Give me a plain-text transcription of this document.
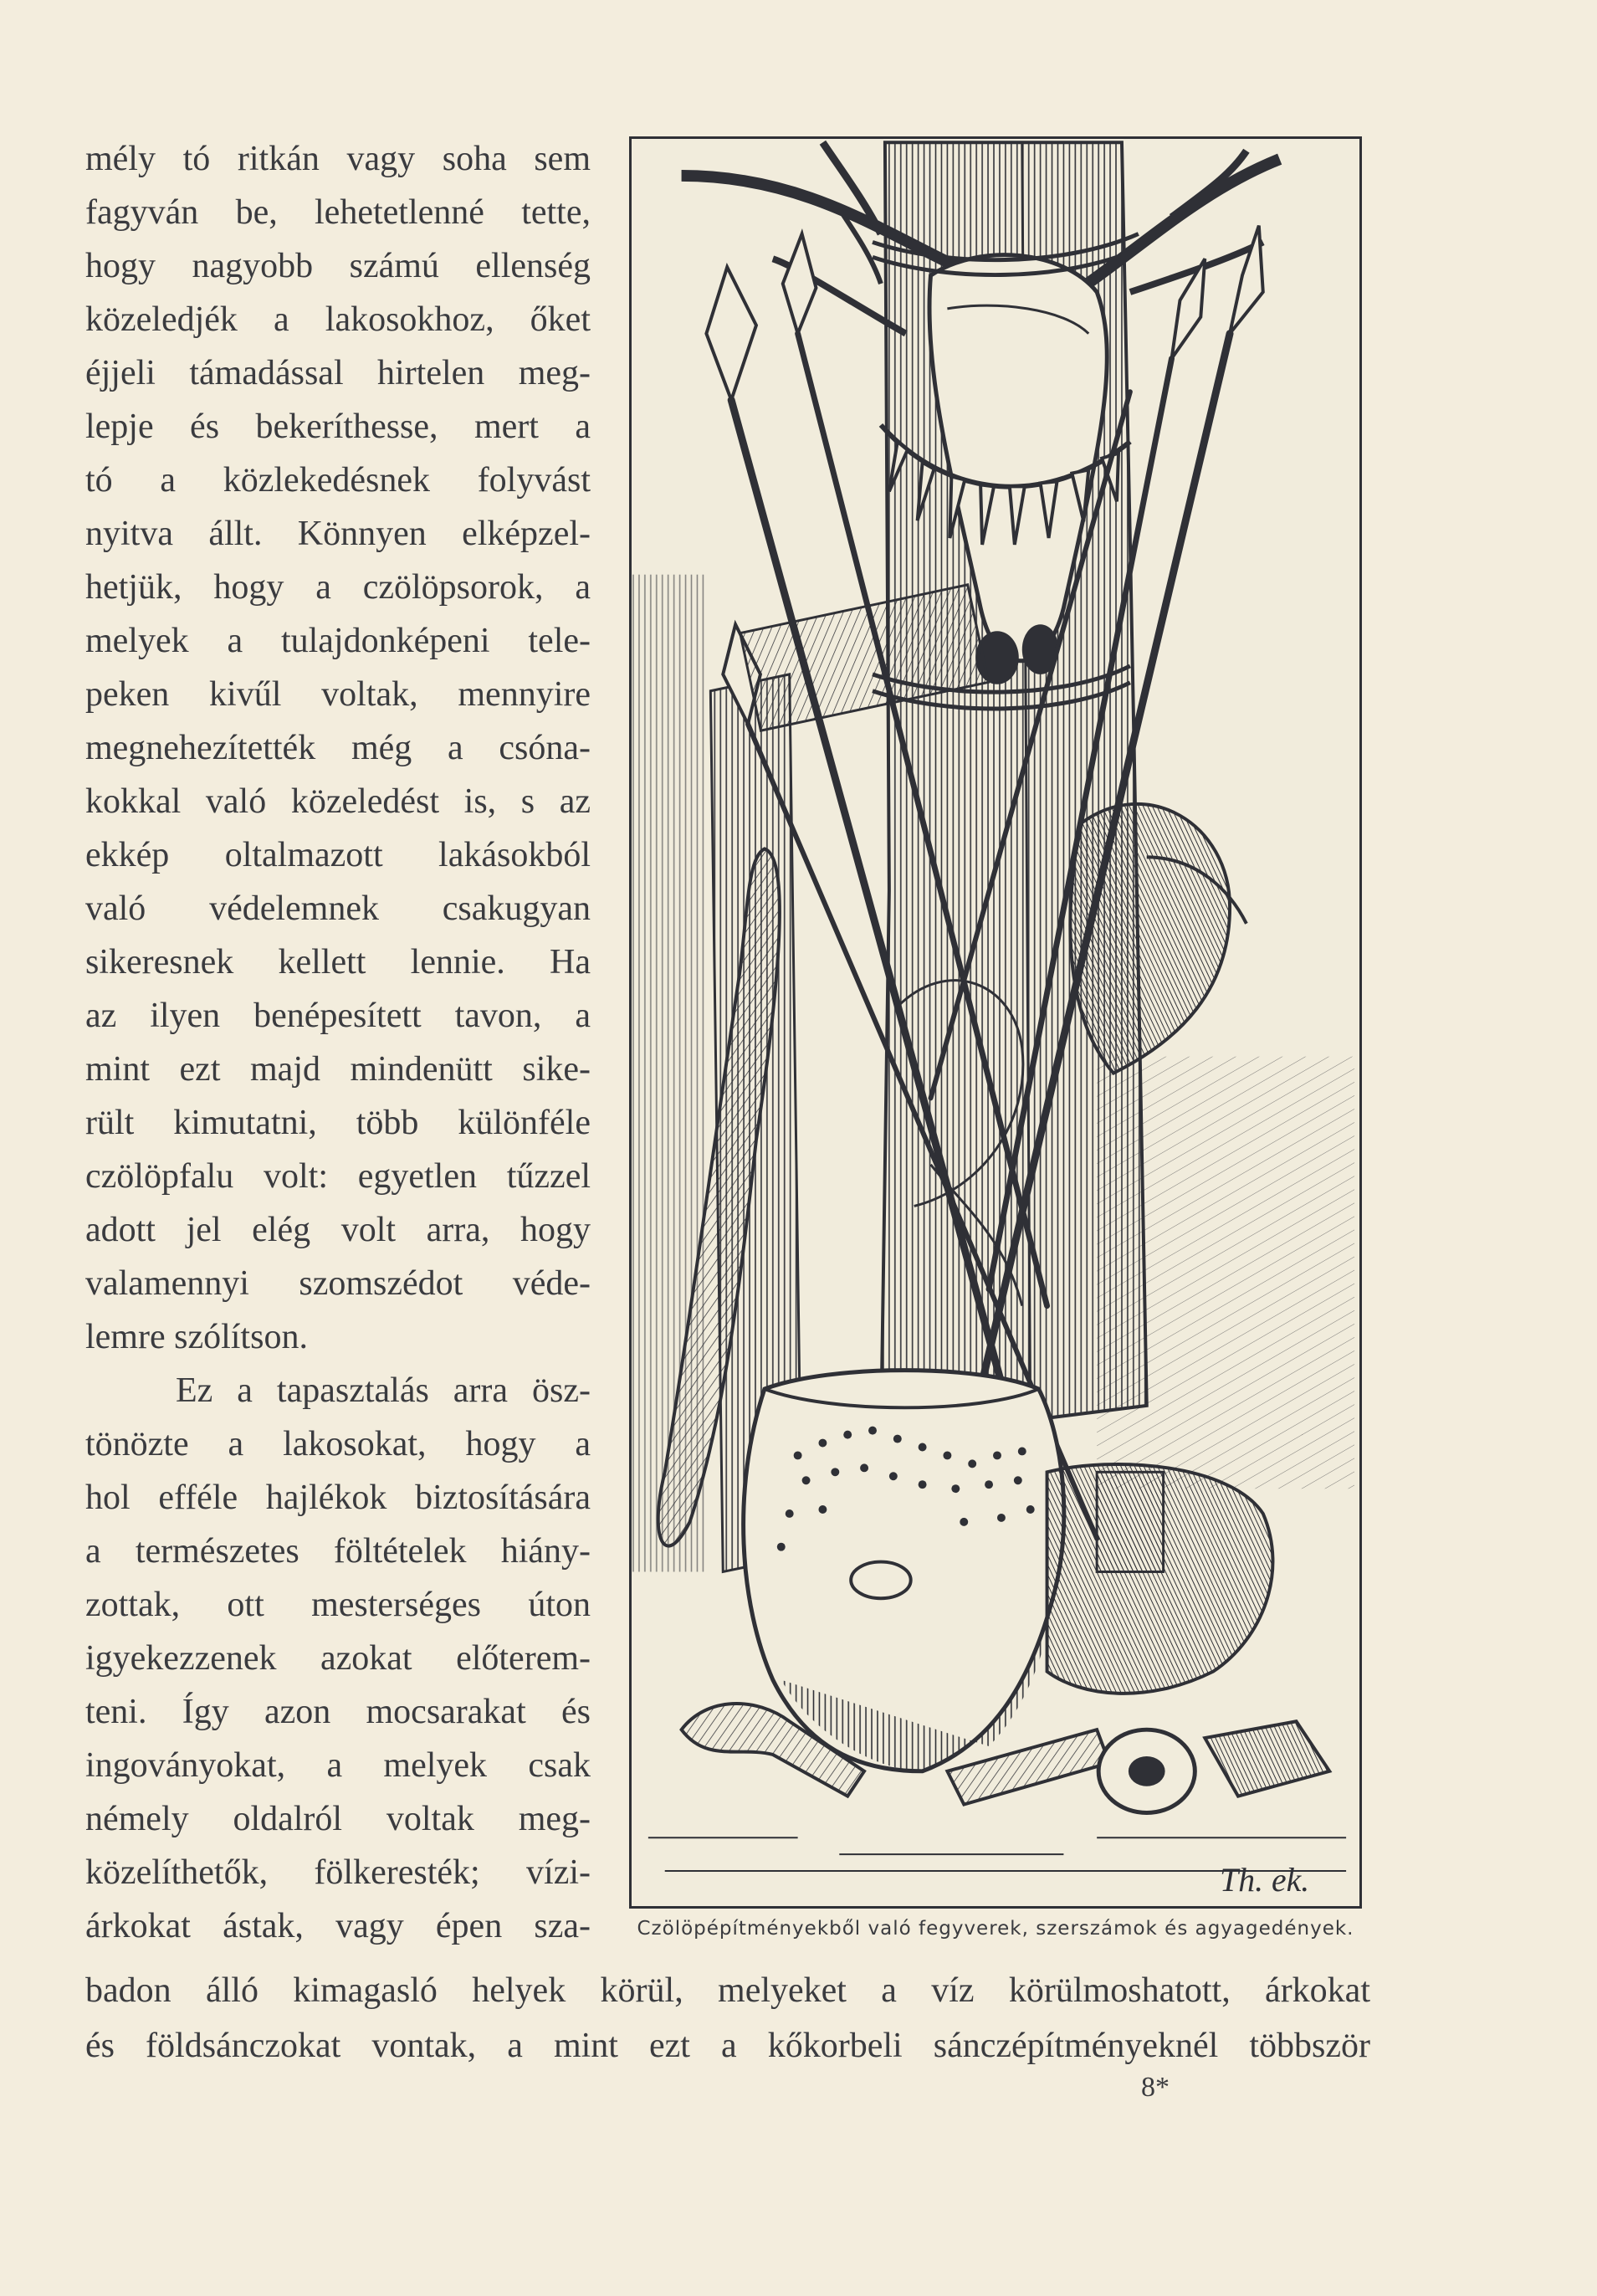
mély tó ritkán vagy soha sem
fagyván be, lehetetlenné tette,
hogy nagyobb számú ellenség
közeledjék a lakosokhoz, őket
éjjeli támadással hirtelen meg-
lepje és bekeríthesse, mert a
tó a közlekedésnek folyvást
nyitva állt. Könnyen elképzel-
hetjük, hogy a czölöpsorok, a
melyek a tulajdonképeni tele-
peken kivűl voltak, mennyire
megnehezítették még a csóna-
kokkal való közeledést is, s az
ekkép oltalmazott lakásokból
való védelemnek csakugyan
sikeresnek kellett lennie. Ha
az ilyen benépesített tavon, a
mint ezt majd mindenütt sike-
rült kimutatni, több különféle
czölöpfalu volt: egyetlen tűzzel
adott jel elég volt arra, hogy
valamennyi szomszédot véde-
lemre szólítson.
Ez a tapasztalás arra ösz-
tönözte a lakosokat, hogy a
hol efféle hajlékok biztosítására
a természetes föltételek hiány-
zottak, ott mesterséges úton
igyekezzenek azokat előterem-
teni. Így azon mocsarakat és
ingoványokat, a melyek csak
némely oldalról voltak meg-
közelíthetők, fölkeresték; vízi-
árkokat ástak, vagy épen sza-
Th. ek.
Czölöpépítményekből való fegyverek, szerszámok és agyagedények.
badon álló kimagasló helyek körül, melyeket a víz körülmoshatott, árkokat
és földsánczokat vontak, a mint ezt a kőkorbeli sánczépítményeknél többször
8*
